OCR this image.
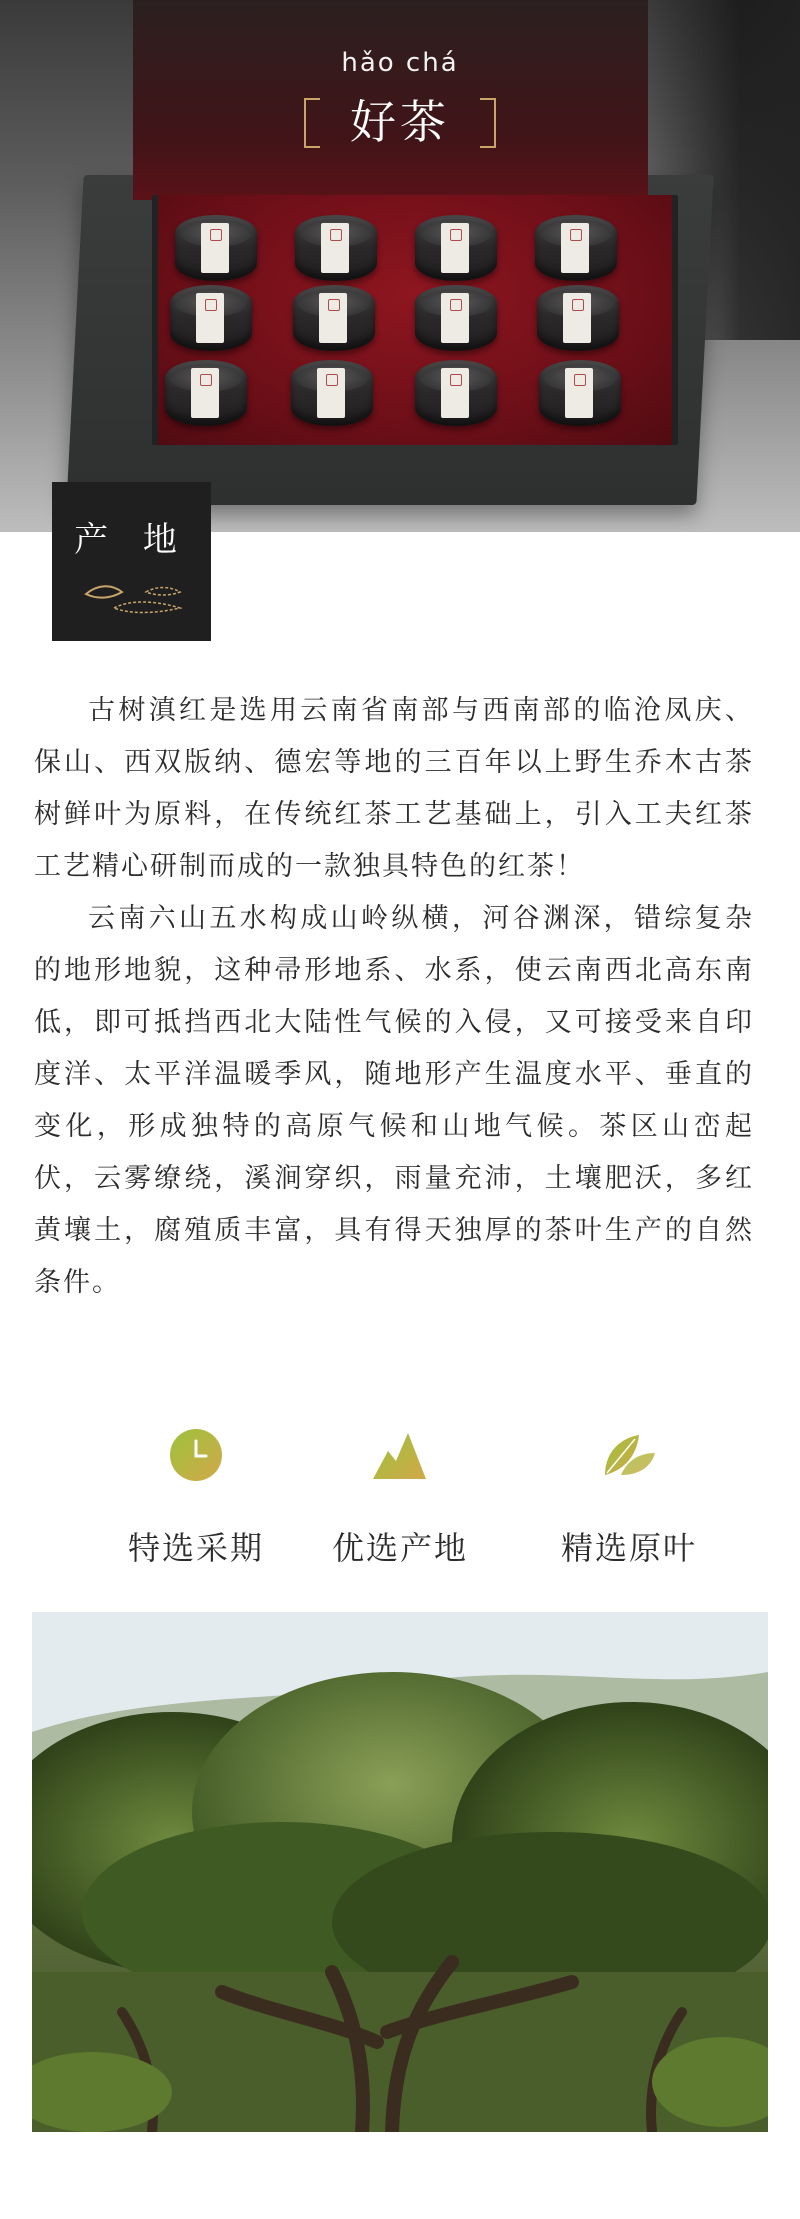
hǎo chá
好茶
产 地

古树滇红是选用云南省南部与西南部的临沧凤庆、保山、西双版纳、德宏等地的三百年以上野生乔木古茶树鲜叶为原料，在传统红茶工艺基础上，引入工夫红茶工艺精心研制而成的一款独具特色的红茶！

云南六山五水构成山岭纵横，河谷渊深，错综复杂的地形地貌，这种帚形地系、水系，使云南西北高东南低，即可抵挡西北大陆性气候的入侵，又可接受来自印度洋、太平洋温暖季风，随地形产生温度水平、垂直的变化，形成独特的高原气候和山地气候。茶区山峦起伏，云雾缭绕，溪涧穿织，雨量充沛，土壤肥沃，多红黄壤土，腐殖质丰富，具有得天独厚的茶叶生产的自然条件。

特选采期	优选产地	精选原叶
